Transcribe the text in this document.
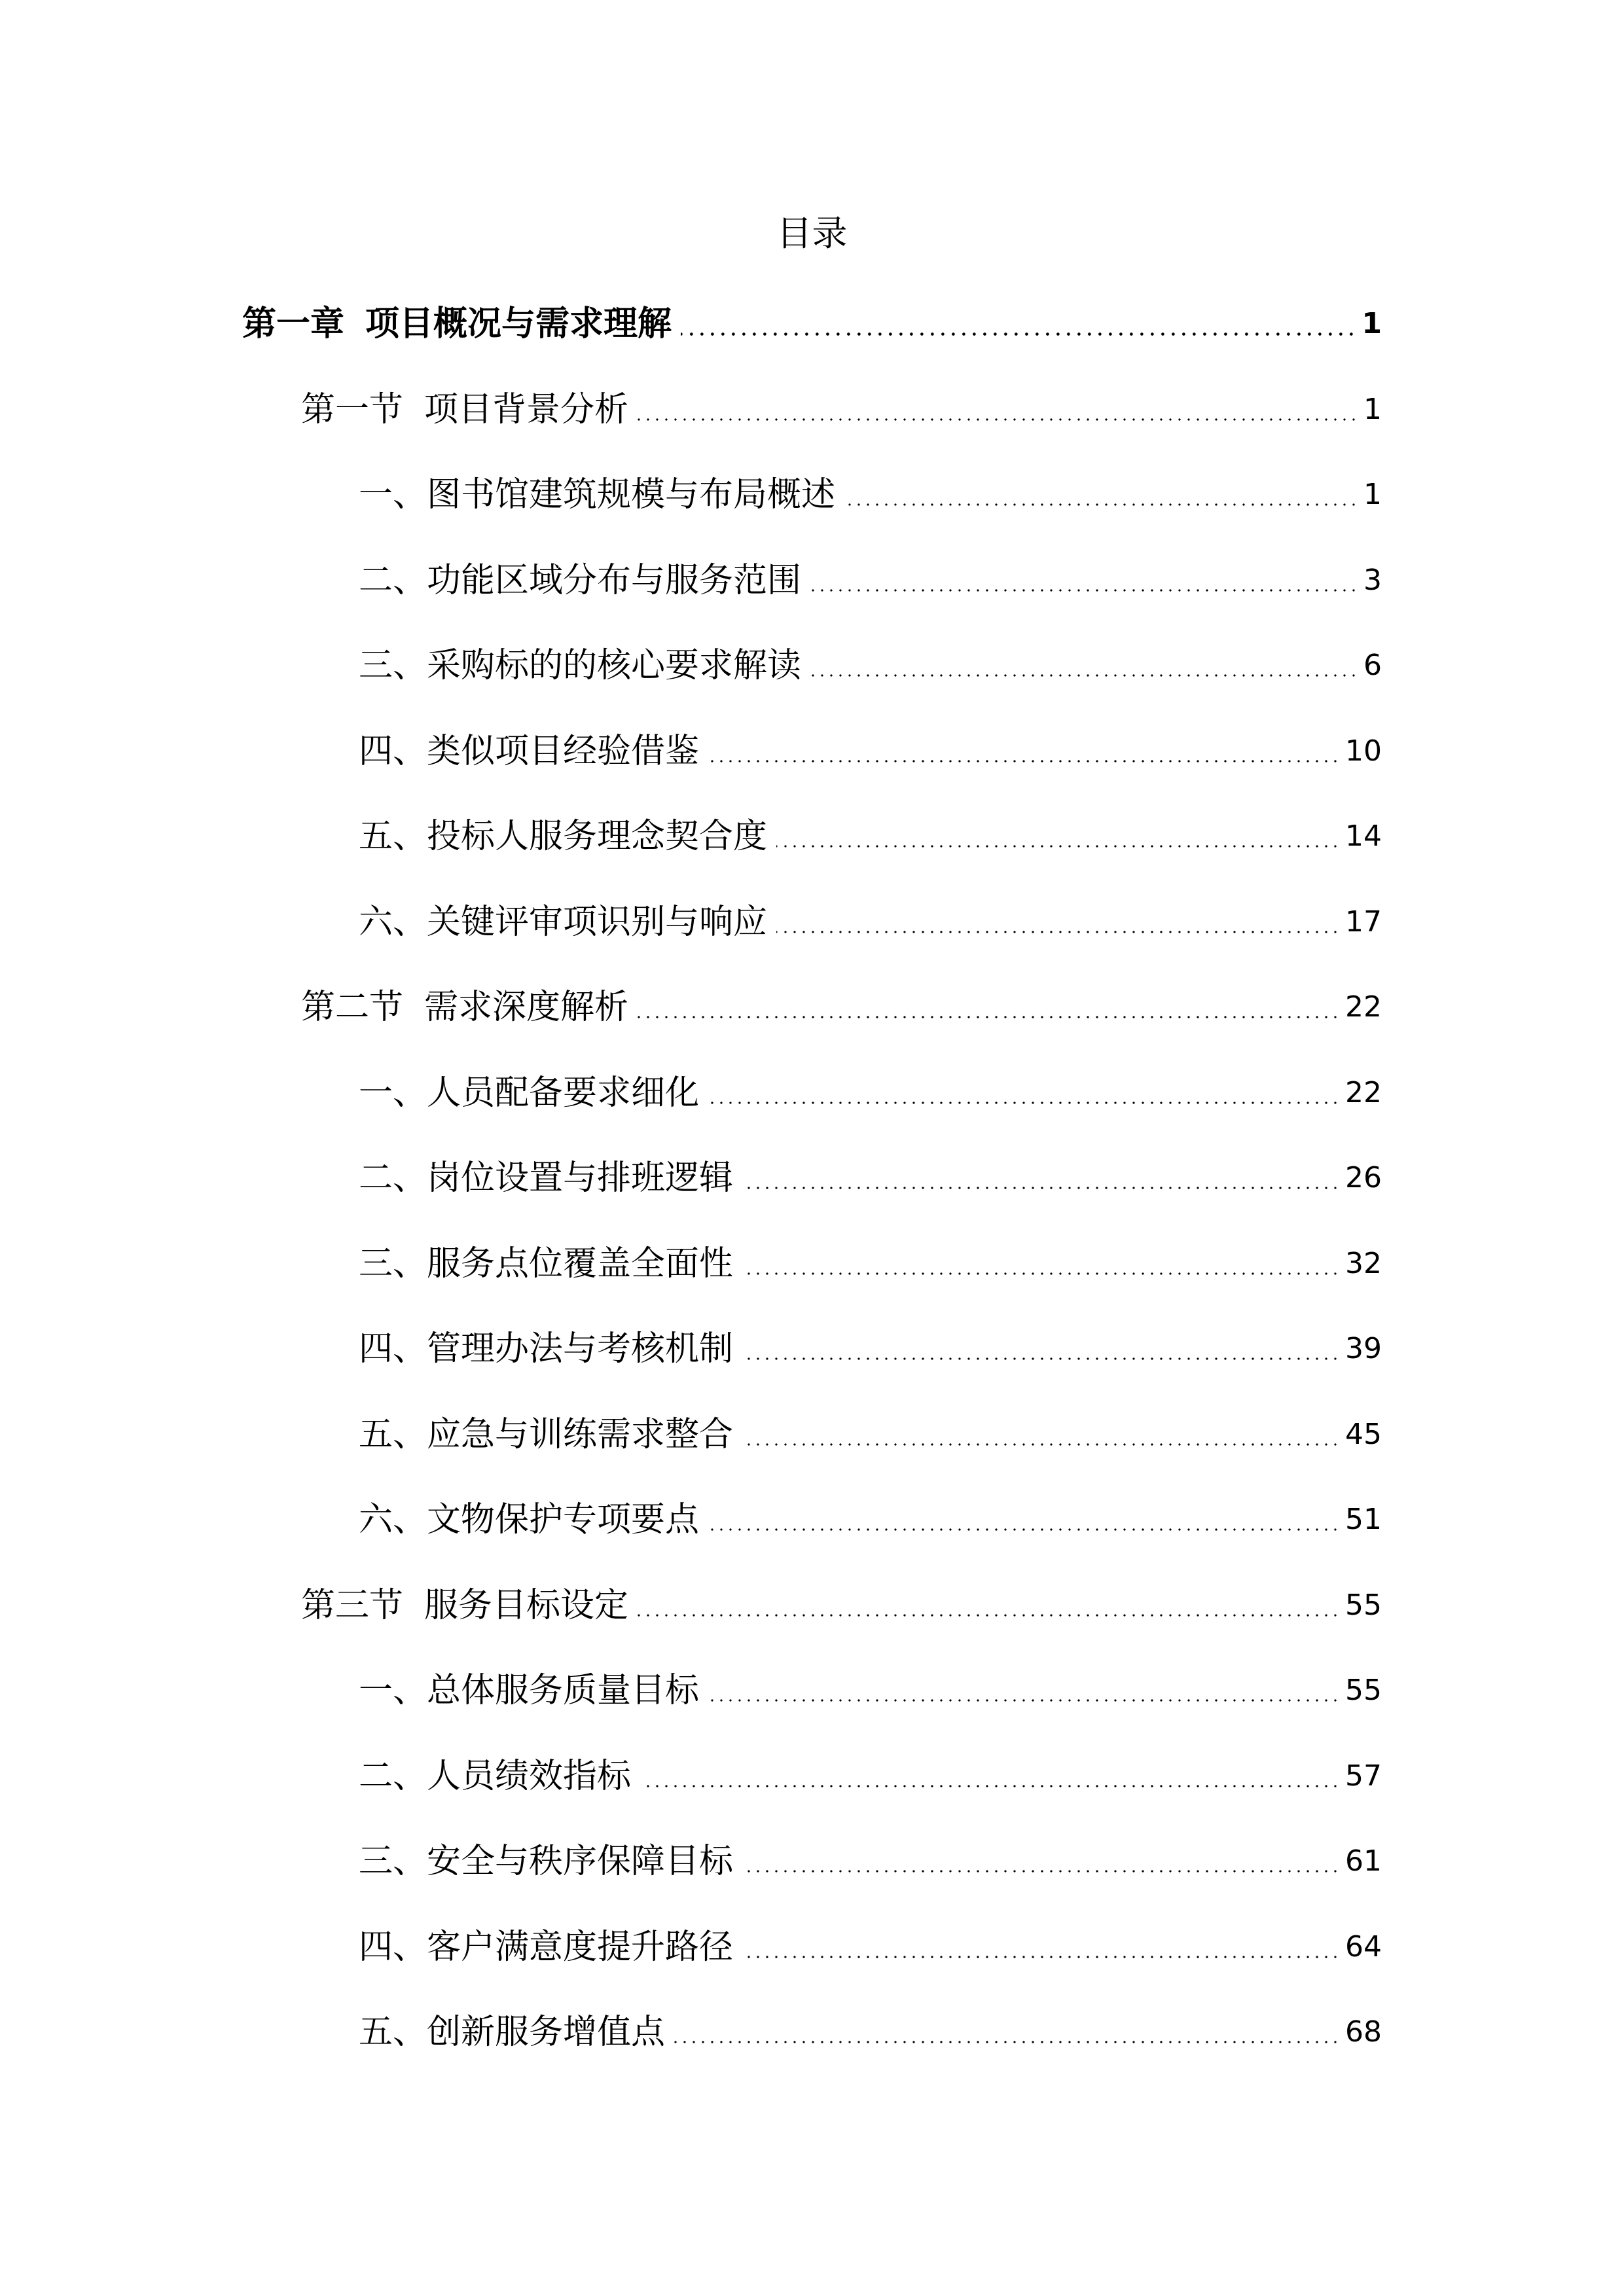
目录
第一章 项目概况与需求理解	1
第一节 项目背景分析	1
一、图书馆建筑规模与布局概述	1
二、功能区域分布与服务范围	3
三、采购标的的核心要求解读	6
四、类似项目经验借鉴	10
五、投标人服务理念契合度	14
六、关键评审项识别与响应	17
第二节 需求深度解析	22
一、人员配备要求细化	22
二、岗位设置与排班逻辑	26
三、服务点位覆盖全面性	32
四、管理办法与考核机制	39
五、应急与训练需求整合	45
六、文物保护专项要点	51
第三节 服务目标设定	55
一、总体服务质量目标	55
二、人员绩效指标	57
三、安全与秩序保障目标	61
四、客户满意度提升路径	64
五、创新服务增值点	68
